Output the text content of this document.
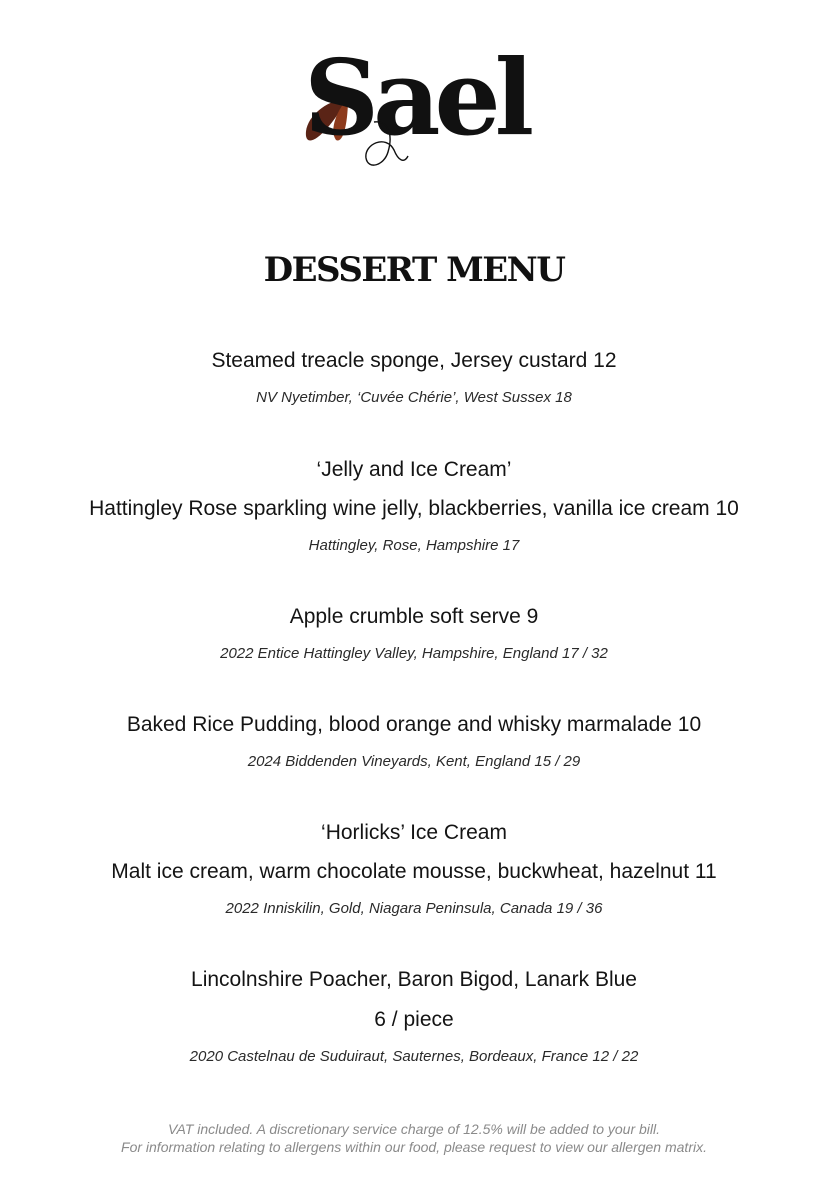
Sael
DESSERT MENU
Steamed treacle sponge, Jersey custard 12
NV Nyetimber, ‘Cuvée Chérie’, West Sussex 18
‘Jelly and Ice Cream’
Hattingley Rose sparkling wine jelly, blackberries, vanilla ice cream 10
Hattingley, Rose, Hampshire 17
Apple crumble soft serve 9
2022 Entice Hattingley Valley, Hampshire, England 17 / 32
Baked Rice Pudding, blood orange and whisky marmalade 10
2024 Biddenden Vineyards, Kent, England 15 / 29
‘Horlicks’ Ice Cream
Malt ice cream, warm chocolate mousse, buckwheat, hazelnut 11
2022 Inniskilin, Gold, Niagara Peninsula, Canada 19 / 36
Lincolnshire Poacher, Baron Bigod, Lanark Blue
6 / piece
2020 Castelnau de Suduiraut, Sauternes, Bordeaux, France 12 / 22
VAT included. A discretionary service charge of 12.5% will be added to your bill.
For information relating to allergens within our food, please request to view our allergen matrix.
